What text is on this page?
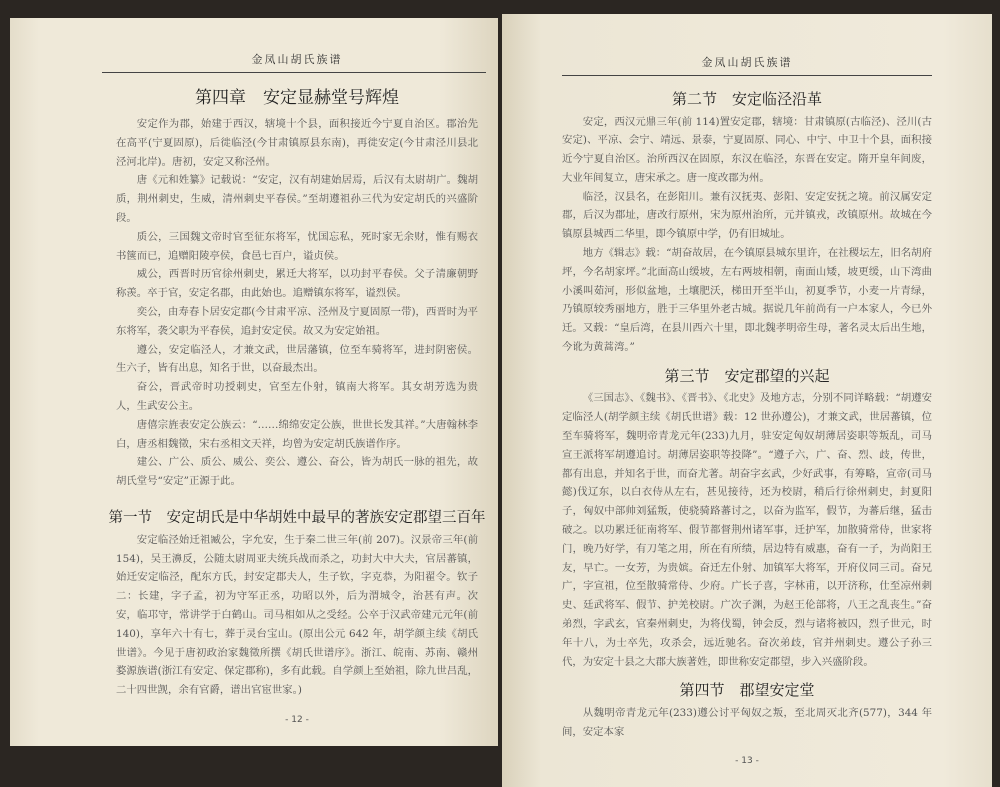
金凤山胡氏族谱
第四章　安定显赫堂号辉煌

安定作为郡，始建于西汉，辖境十个县，面积接近今宁夏自治区。郡治先在高平(宁夏固原)，后徙临泾(今甘肃镇原县东南)，再徙安定(今甘肃泾川县北泾河北岸)。唐初，安定又称泾州。

唐《元和姓纂》记载说：“安定，汉有胡建始居焉，后汉有太尉胡广。魏胡质，荆州刺史，生威，清州刺史平春侯。”至胡遵祖孙三代为安定胡氏的兴盛阶段。

质公，三国魏文帝时官至征东将军，忧国忘私，死时家无余财，惟有赐衣书箧而已，追赠阳陵亭侯，食邑七百户，谥贞侯。

威公，西晋时历官徐州刺史，累迁大将军，以功封平春侯。父子清廉朝野称羡。卒于官，安定名郡，由此始也。追赠镇东将军，谥烈侯。

奕公，由寿春卜居安定郡(今甘肃平凉、泾州及宁夏固原一带)，西晋时为平东将军，袭父职为平春侯，追封安定侯。故又为安定始祖。

遵公，安定临泾人，才兼文武，世居藩镇，位至车骑将军，进封阴密侯。生六子，皆有出息，知名于世，以奋最杰出。

奋公，晋武帝时功授刺史，官至左仆射，镇南大将军。其女胡芳选为贵人，生武安公主。

唐僖宗旌表安定公族云：“……绵绵安定公族，世世长发其祥。”大唐翰林李白，唐丞相魏徵，宋右丞相文天祥，均曾为安定胡氏族谱作序。

建公、广公、质公、威公、奕公、遵公、奋公，皆为胡氏一脉的祖先，故胡氏堂号“安定”正源于此。

第一节　安定胡氏是中华胡姓中最早的著族安定郡望三百年

安定临泾始迁祖臧公，字允安，生于秦二世三年(前 207)。汉景帝三年(前 154)，吴王濞反，公随太尉周亚夫统兵战而杀之，功封大中大夫，官居蕃镇，始迁安定临泾，配东方氏，封安定郡夫人，生子钦，字克恭，为阳翟令。钦子二：长建，字子孟，初为守军正丞，功昭以外，后为渭城令，治甚有声。次安，临邛守，常讲学于白鹤山。司马相如从之受经。公卒于汉武帝建元元年(前 140)，享年六十有七，葬于灵台宝山。(原出公元 642 年，胡学颜主续《胡氏世谱》。今见于唐初政治家魏徵所撰《胡氏世谱序》。浙江、皖南、苏南、赣州婺源族谱(浙江有安定、保定郡称)，多有此载。自学颜上至始祖，除九世吕乱，二十四世觊，余有官爵，谱出官宦世家。)

- 12 -
金凤山胡氏族谱
第二节　安定临泾沿革

安定，西汉元鼎三年(前 114)置安定郡，辖境：甘肃镇原(古临泾)、泾川(古安定)、平凉、会宁、靖远、景泰，宁夏固原、同心、中宁、中卫十个县，面积接近今宁夏自治区。治所西汉在固原，东汉在临泾，东晋在安定。隋开皇年间废，大业年间复立，唐宋承之。唐一度改郡为州。

临泾，汉县名，在彭阳川。兼有汉抚夷、彭阳、安定安抚之境。前汉属安定郡，后汉为郡址，唐改行原州，宋为原州治所，元并镇戎，改镇原州。故城在今镇原县城西二华里，即今镇原中学，仍有旧城址。

地方《辑志》载：“胡奋故居，在今镇原县城东里许，在社稷坛左，旧名胡府坪，今名胡家坪。”北面高山缓坡，左右两坡相朝，南面山矮，坡更缓，山下湾曲小溪叫茹河，形似盆地，土壤肥沃，梯田开至半山，初夏季节，小麦一片青绿，乃镇原较秀丽地方，胜于三华里外老古城。据说几年前尚有一户本家人，今已外迁。又载：“皇后湾，在县川西六十里，即北魏孝明帝生母，著名灵太后出生地，今讹为黄蒿湾。”

第三节　安定郡望的兴起

《三国志》、《魏书》、《晋书》、《北史》及地方志，分别不同详略载：“胡遵安定临泾人(胡学颜主续《胡氏世谱》载：12 世孙遵公)，才兼文武，世居蕃镇，位至车骑将军，魏明帝青龙元年(233)九月，驻安定匈奴胡薄居姿职等叛乱，司马宣王派将军胡遵追讨。胡薄居姿职等投降”。“遵子六，广、奋、烈、歧，传世，都有出息，并知名于世，而奋尤著。胡奋字玄武，少好武事，有筹略，宣帝(司马懿)伐辽东，以白衣侍从左右，甚见接待，还为校尉，稍后行徐州刺史，封夏阳子，匈奴中部帅刘猛叛，使骁骑路蕃讨之，以奋为监军，假节，为蕃后继，猛击破之。以功累迁征南将军、假节都督荆州诸军事，迁护军，加散骑常侍，世家将门，晚乃好学，有刀笔之用，所在有所绩，居边特有威惠，奋有一子，为尚阳王友，早亡。一女芳，为贵嫔。奋迁左仆射、加镇军大将军，开府仪同三司。奋兄广，字宣祖，位至散骑常侍、少府。广长子喜，字林甫，以开济称，仕至凉州刺史、廷武将军、假节、护羌校尉。广次子渊，为赵王伦部将，八王之乱丧生。”奋弟烈，字武玄，官秦州刺史，为将伐蜀，钟会反，烈与诸将被囚，烈子世元，时年十八，为士卒先，攻杀会，远近驰名。奋次弟歧，官并州刺史。遵公子孙三代，为安定十县之大郡大族著姓，即世称安定郡望，步入兴盛阶段。

第四节　郡望安定堂

从魏明帝青龙元年(233)遵公讨平匈奴之叛，至北周灭北齐(577)，344 年间，安定本家

- 13 -
